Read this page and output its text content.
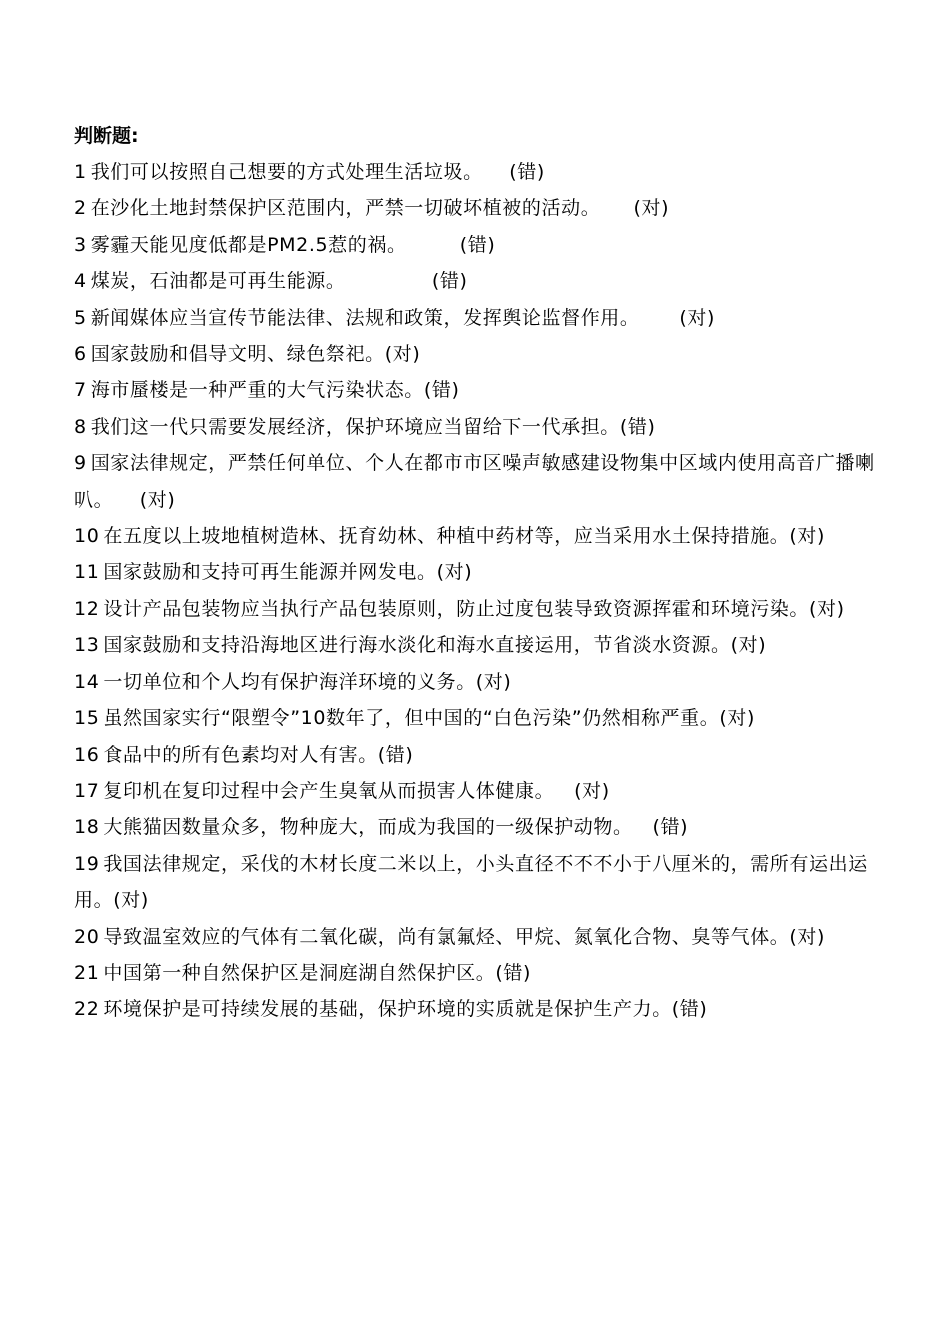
判断题:

1 我们可以按照自己想要的方式处理生活垃圾。 (错)

2 在沙化土地封禁保护区范围内，严禁一切破坏植被的活动。 (对)

3 雾霾天能见度低都是PM2.5惹的祸。	(错)

4 煤炭，石油都是可再生能源。	(错)

5 新闻媒体应当宣传节能法律、法规和政策，发挥舆论监督作用。 (对)

6 国家鼓励和倡导文明、绿色祭祀。(对)

7 海市蜃楼是一种严重的大气污染状态。(错)

8 我们这一代只需要发展经济，保护环境应当留给下一代承担。(错)

9 国家法律规定，严禁任何单位、个人在都市市区噪声敏感建设物集中区域内使用高音广播喇叭。 (对)

10 在五度以上坡地植树造林、抚育幼林、种植中药材等，应当采用水土保持措施。(对)

11 国家鼓励和支持可再生能源并网发电。(对)

12 设计产品包装物应当执行产品包装原则，防止过度包装导致资源挥霍和环境污染。(对)

13 国家鼓励和支持沿海地区进行海水淡化和海水直接运用，节省淡水资源。(对)

14 一切单位和个人均有保护海洋环境的义务。(对)

15 虽然国家实行“限塑令”10数年了，但中国的“白色污染”仍然相称严重。(对)

16 食品中的所有色素均对人有害。(错)

17 复印机在复印过程中会产生臭氧从而损害人体健康。 (对)

18 大熊猫因数量众多，物种庞大，而成为我国的一级保护动物。 (错)

19 我国法律规定，采伐的木材长度二米以上，小头直径不不不小于八厘米的，需所有运出运用。(对)

20 导致温室效应的气体有二氧化碳，尚有氯氟烃、甲烷、氮氧化合物、臭等气体。(对)

21 中国第一种自然保护区是洞庭湖自然保护区。(错)

22 环境保护是可持续发展的基础，保护环境的实质就是保护生产力。(错)
